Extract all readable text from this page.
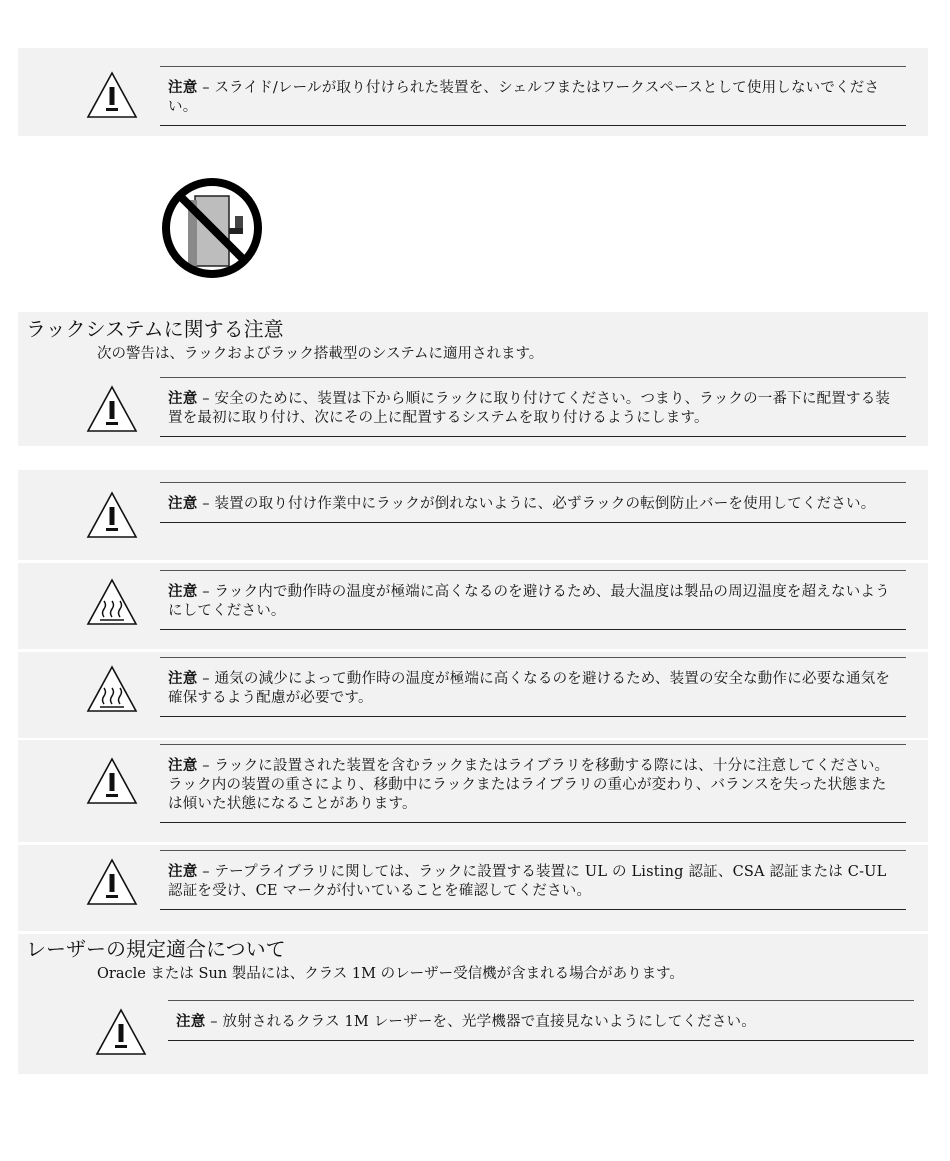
注意 – スライド/レールが取り付けられた装置を、シェルフまたはワークスペースとして使用しないでください。
ラックシステムに関する注意
次の警告は、ラックおよびラック搭載型のシステムに適用されます。
注意 – 安全のために、装置は下から順にラックに取り付けてください。つまり、ラックの一番下に配置する装置を最初に取り付け、次にその上に配置するシステムを取り付けるようにします。
注意 – 装置の取り付け作業中にラックが倒れないように、必ずラックの転倒防止バーを使用してください。
注意 – ラック内で動作時の温度が極端に高くなるのを避けるため、最大温度は製品の周辺温度を超えないようにしてください。
注意 – 通気の減少によって動作時の温度が極端に高くなるのを避けるため、装置の安全な動作に必要な通気を確保するよう配慮が必要です。
注意 – ラックに設置された装置を含むラックまたはライブラリを移動する際には、十分に注意してください。ラック内の装置の重さにより、移動中にラックまたはライブラリの重心が変わり、バランスを失った状態または傾いた状態になることがあります。
注意 – テープライブラリに関しては、ラックに設置する装置に UL の Listing 認証、CSA 認証または C-UL 認証を受け、CE マークが付いていることを確認してください。
レーザーの規定適合について
Oracle または Sun 製品には、クラス 1M のレーザー受信機が含まれる場合があります。
注意 – 放射されるクラス 1M レーザーを、光学機器で直接見ないようにしてください。
